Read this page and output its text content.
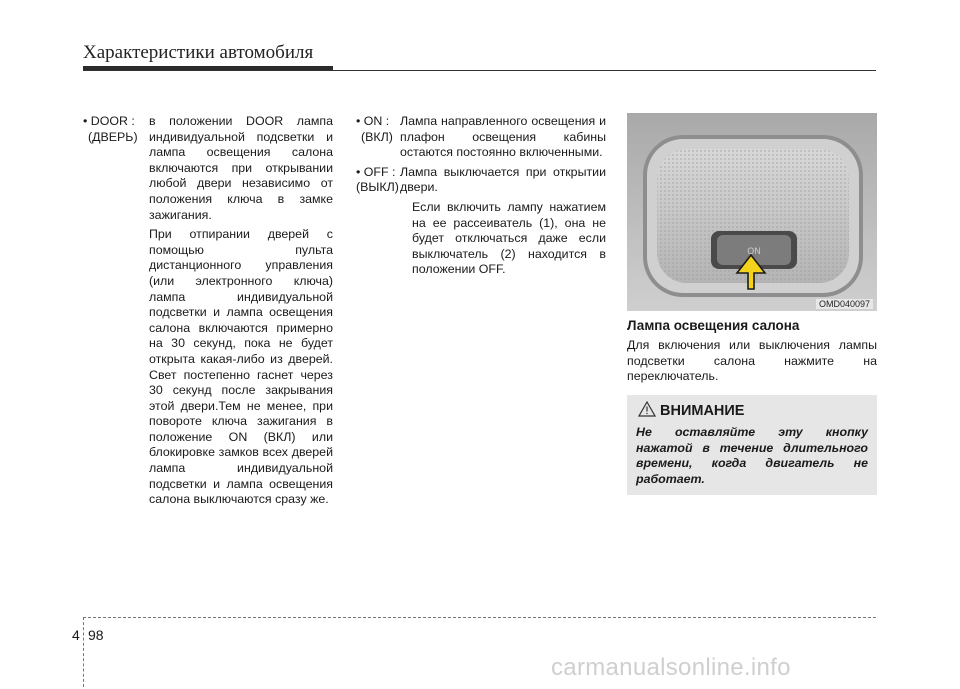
Характеристики автомобиля
• DOOR :
(ДВЕРЬ)
в положении DOOR лампа индивидуальной подсветки и лампа освещения салона включаются при открывании любой двери независимо от положения ключа в замке зажигания.

При отпирании дверей с помощью пульта дистанционного управления (или электронного ключа) лампа индивидуальной подсветки и лампа освещения салона включаются примерно на 30 секунд, пока не будет открыта какая-либо из дверей. Свет постепенно гаснет через 30 секунд после закрывания этой двери.Тем не менее, при повороте ключа зажигания в положение ON (ВКЛ) или блокировке замков всех дверей лампа индивидуальной подсветки и лампа освещения салона выключаются сразу же.

• ON :
(ВКЛ)
Лампа направленного освещения и плафон освещения кабины остаются постоянно включенными.
• OFF :
(ВЫКЛ)
Лампа выключается при открытии двери.

Если включить лампу нажатием на ее рассеиватель (1), она не будет отключаться даже если выключатель (2) находится в положении OFF.

ON
OMD040097
Лампа освещения салона
Для включения или выключения лампы подсветки салона нажмите на переключатель.
ВНИМАНИЕ
Не оставляйте эту кнопку нажатой в течение длительного времени, когда двигатель не работает.
4 98
carmanualsonline.info
